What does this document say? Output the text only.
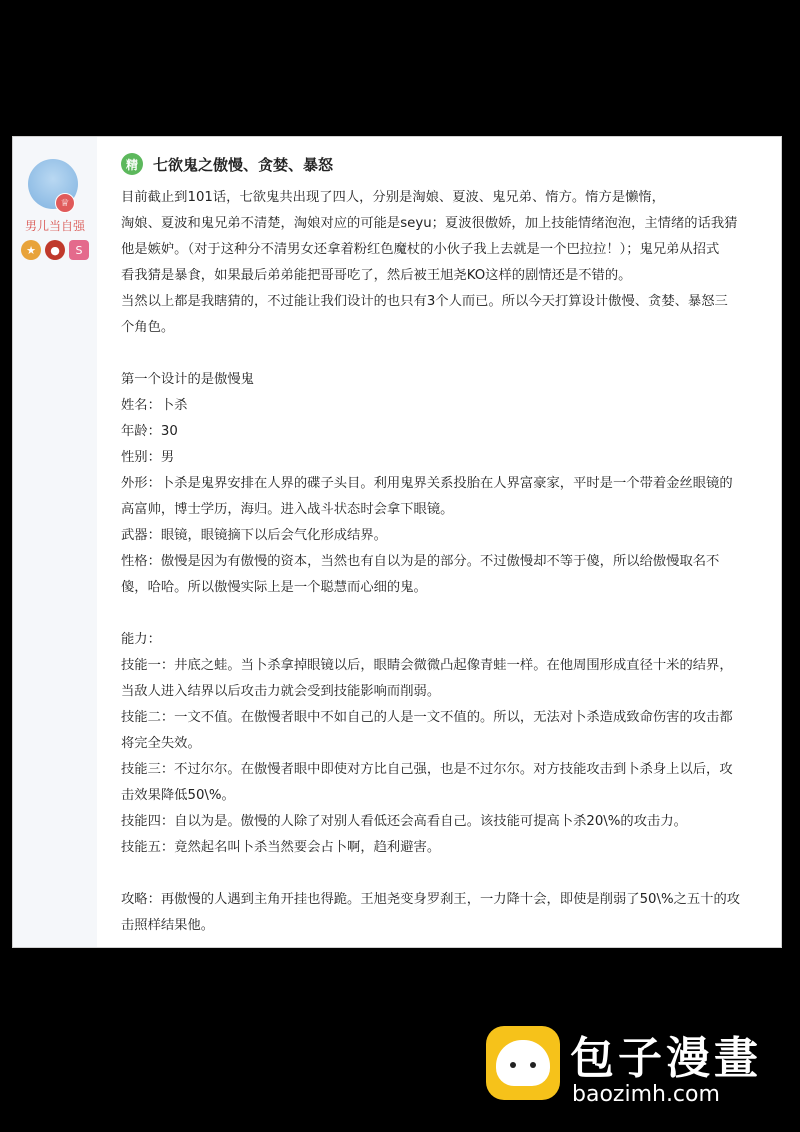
♕
男儿当自强
★	●	S
精	七欲鬼之傲慢、贪婪、暴怒

目前截止到101话，七欲鬼共出现了四人，分别是淘娘、夏波、鬼兄弟、惰方。惰方是懒惰，

淘娘、夏波和鬼兄弟不清楚，淘娘对应的可能是seyu；夏波很傲娇，加上技能情绪泡泡，主情绪的话我猜

他是嫉妒。（对于这种分不清男女还拿着粉红色魔杖的小伙子我上去就是一个巴拉拉！）；鬼兄弟从招式

看我猜是暴食，如果最后弟弟能把哥哥吃了，然后被王旭尧KO这样的剧情还是不错的。

当然以上都是我瞎猜的，不过能让我们设计的也只有3个人而已。所以今天打算设计傲慢、贪婪、暴怒三

个角色。

第一个设计的是傲慢鬼

姓名：卜杀

年龄：30

性别：男

外形：卜杀是鬼界安排在人界的碟子头目。利用鬼界关系投胎在人界富豪家，平时是一个带着金丝眼镜的

高富帅，博士学历，海归。进入战斗状态时会拿下眼镜。

武器：眼镜，眼镜摘下以后会气化形成结界。

性格：傲慢是因为有傲慢的资本，当然也有自以为是的部分。不过傲慢却不等于傻，所以给傲慢取名不

傻，哈哈。所以傲慢实际上是一个聪慧而心细的鬼。

能力：

技能一：井底之蛙。当卜杀拿掉眼镜以后，眼睛会微微凸起像青蛙一样。在他周围形成直径十米的结界，

当敌人进入结界以后攻击力就会受到技能影响而削弱。

技能二：一文不值。在傲慢者眼中不如自己的人是一文不值的。所以，无法对卜杀造成致命伤害的攻击都

将完全失效。

技能三：不过尔尔。在傲慢者眼中即使对方比自己强，也是不过尔尔。对方技能攻击到卜杀身上以后，攻

击效果降低50\%。

技能四：自以为是。傲慢的人除了对别人看低还会高看自己。该技能可提高卜杀20\%的攻击力。

技能五：竟然起名叫卜杀当然要会占卜啊，趋利避害。

攻略：再傲慢的人遇到主角开挂也得跪。王旭尧变身罗刹王，一力降十会，即使是削弱了50\%之五十的攻

击照样结果他。

包子漫畫
baozimh.com
